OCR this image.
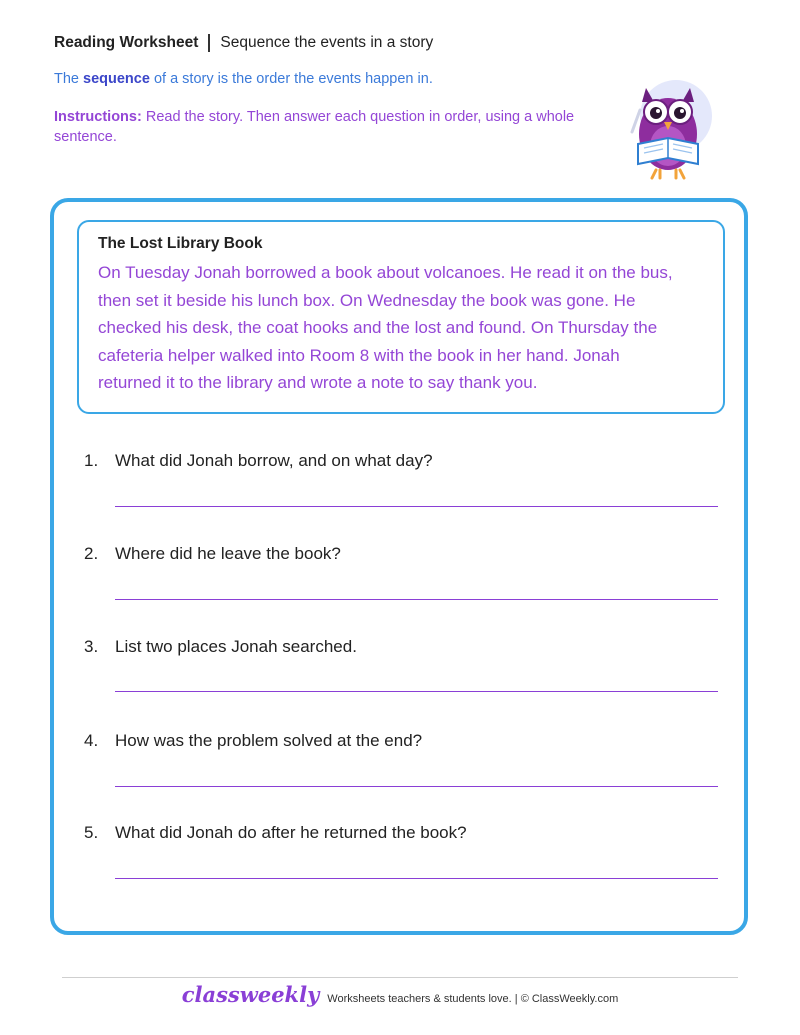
Reading Worksheet Sequence the events in a story
The sequence of a story is the order the events happen in.
Instructions: Read the story. Then answer each question in order, using a whole sentence.
The Lost Library Book
On Tuesday Jonah borrowed a book about volcanoes. He read it on the bus,
then set it beside his lunch box. On Wednesday the book was gone. He
checked his desk, the coat hooks and the lost and found. On Thursday the
cafeteria helper walked into Room 8 with the book in her hand. Jonah
returned it to the library and wrote a note to say thank you.
1. What did Jonah borrow, and on what day?
2. Where did he leave the book?
3. List two places Jonah searched.
4. How was the problem solved at the end?
5. What did Jonah do after he returned the book?
classweekly Worksheets teachers & students love. | © ClassWeekly.com
